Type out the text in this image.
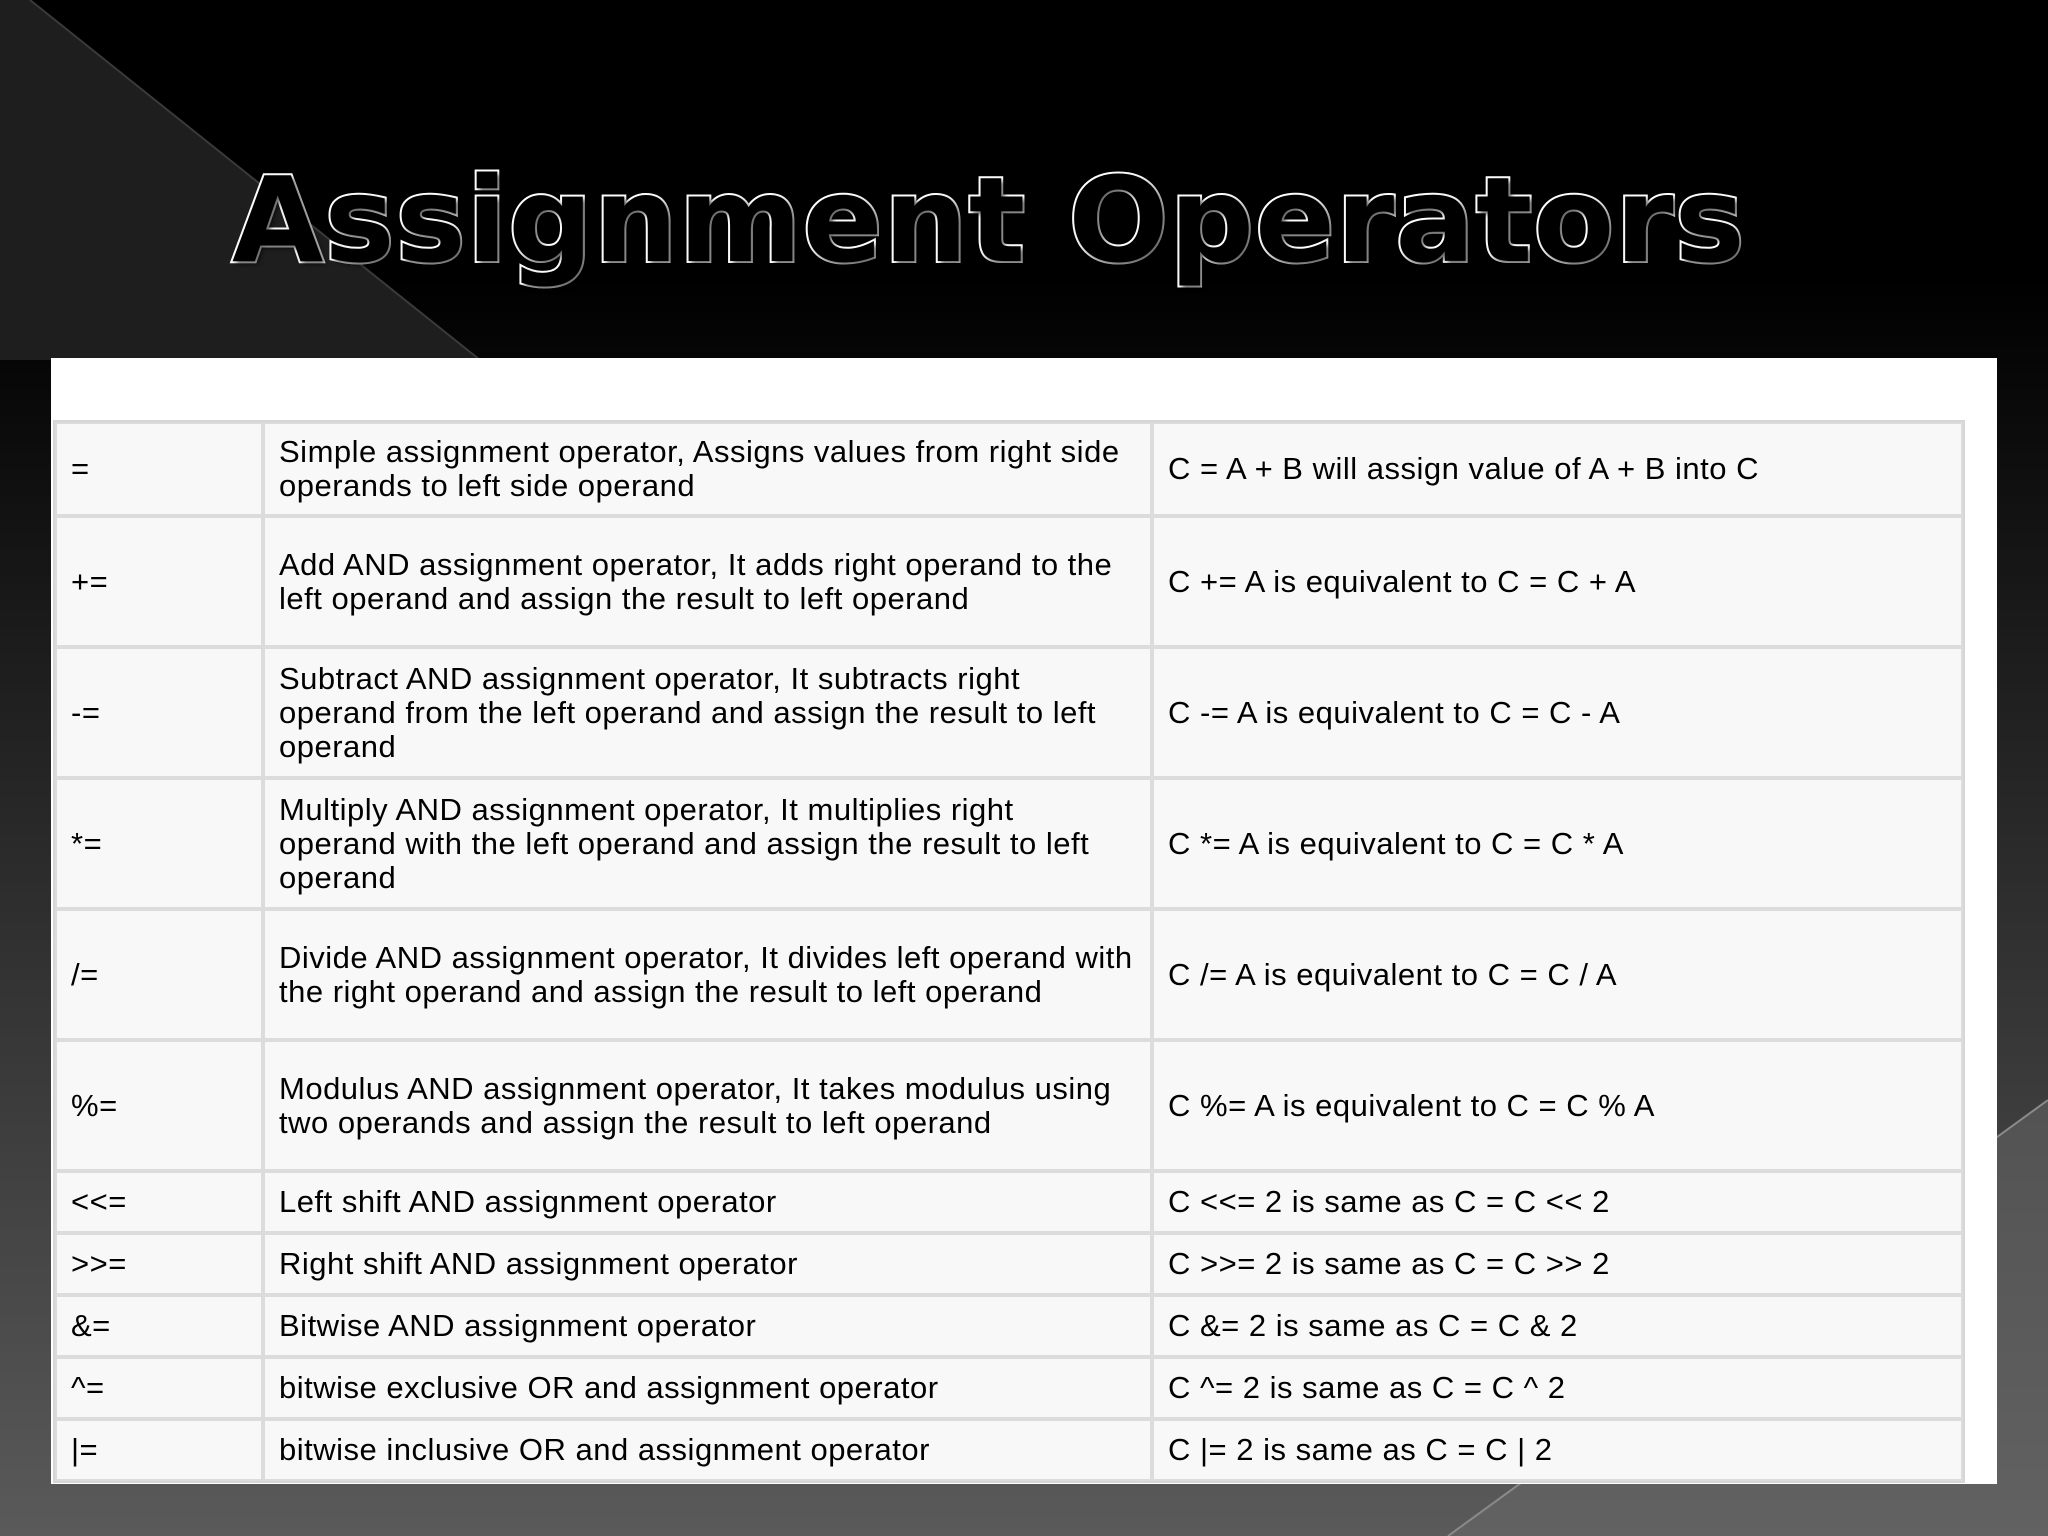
Assignment Operators
=	Simple assignment operator, Assigns values from right side operands to left side operand	C = A + B will assign value of A + B into C
+=	Add AND assignment operator, It adds right operand to the left operand and assign the result to left operand	C += A is equivalent to C = C + A
-=	Subtract AND assignment operator, It subtracts right operand from the left operand and assign the result to left operand	C -= A is equivalent to C = C - A
*=	Multiply AND assignment operator, It multiplies right operand with the left operand and assign the result to left operand	C *= A is equivalent to C = C * A
/=	Divide AND assignment operator, It divides left operand with the right operand and assign the result to left operand	C /= A is equivalent to C = C / A
%=	Modulus AND assignment operator, It takes modulus using two operands and assign the result to left operand	C %= A is equivalent to C = C % A
<<=	Left shift AND assignment operator	C <<= 2 is same as C = C << 2
>>=	Right shift AND assignment operator	C >>= 2 is same as C = C >> 2
&=	Bitwise AND assignment operator	C &= 2 is same as C = C & 2
^=	bitwise exclusive OR and assignment operator	C ^= 2 is same as C = C ^ 2
|=	bitwise inclusive OR and assignment operator	C |= 2 is same as C = C | 2
